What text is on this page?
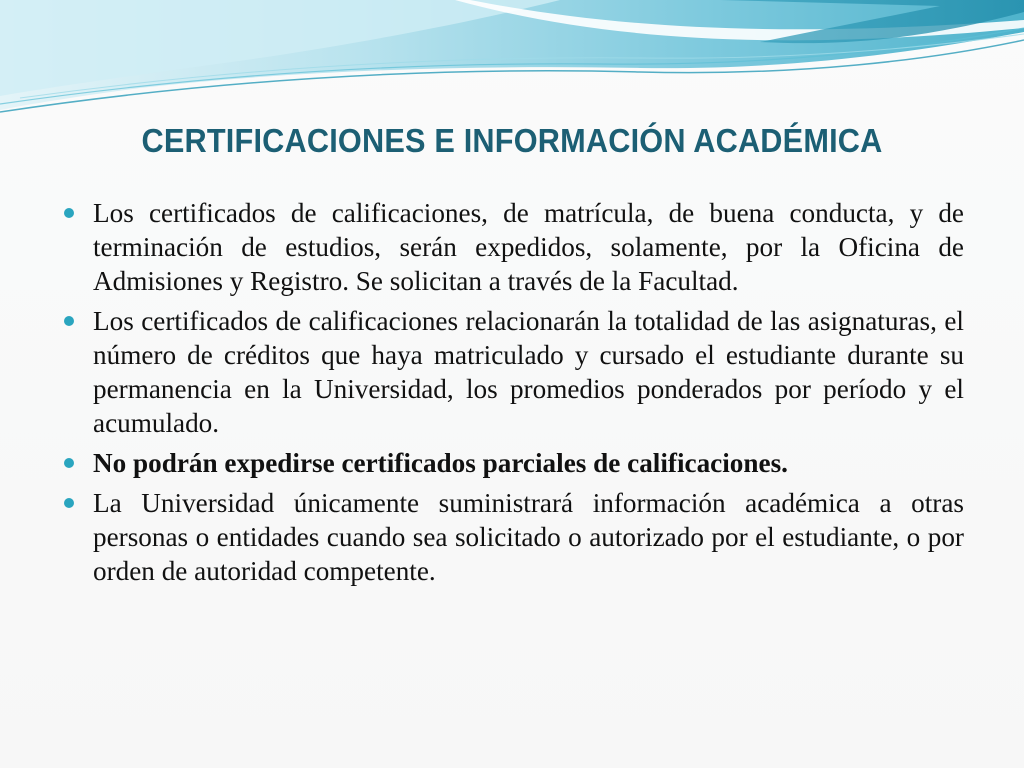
CERTIFICACIONES E INFORMACIÓN ACADÉMICA
Los certificados de calificaciones, de matrícula, de buena conducta, y de terminación de estudios, serán expedidos, solamente, por la Oficina de Admisiones y Registro. Se solicitan a través de la Facultad.
Los certificados de calificaciones relacionarán la totalidad de las asignaturas, el número de créditos que haya matriculado y cursado el estudiante durante su permanencia en la Universidad, los promedios ponderados por período y el acumulado.
No podrán expedirse certificados parciales de calificaciones.
La Universidad únicamente suministrará información académica a otras personas o entidades cuando sea solicitado o autorizado por el estudiante, o por orden de autoridad competente.
